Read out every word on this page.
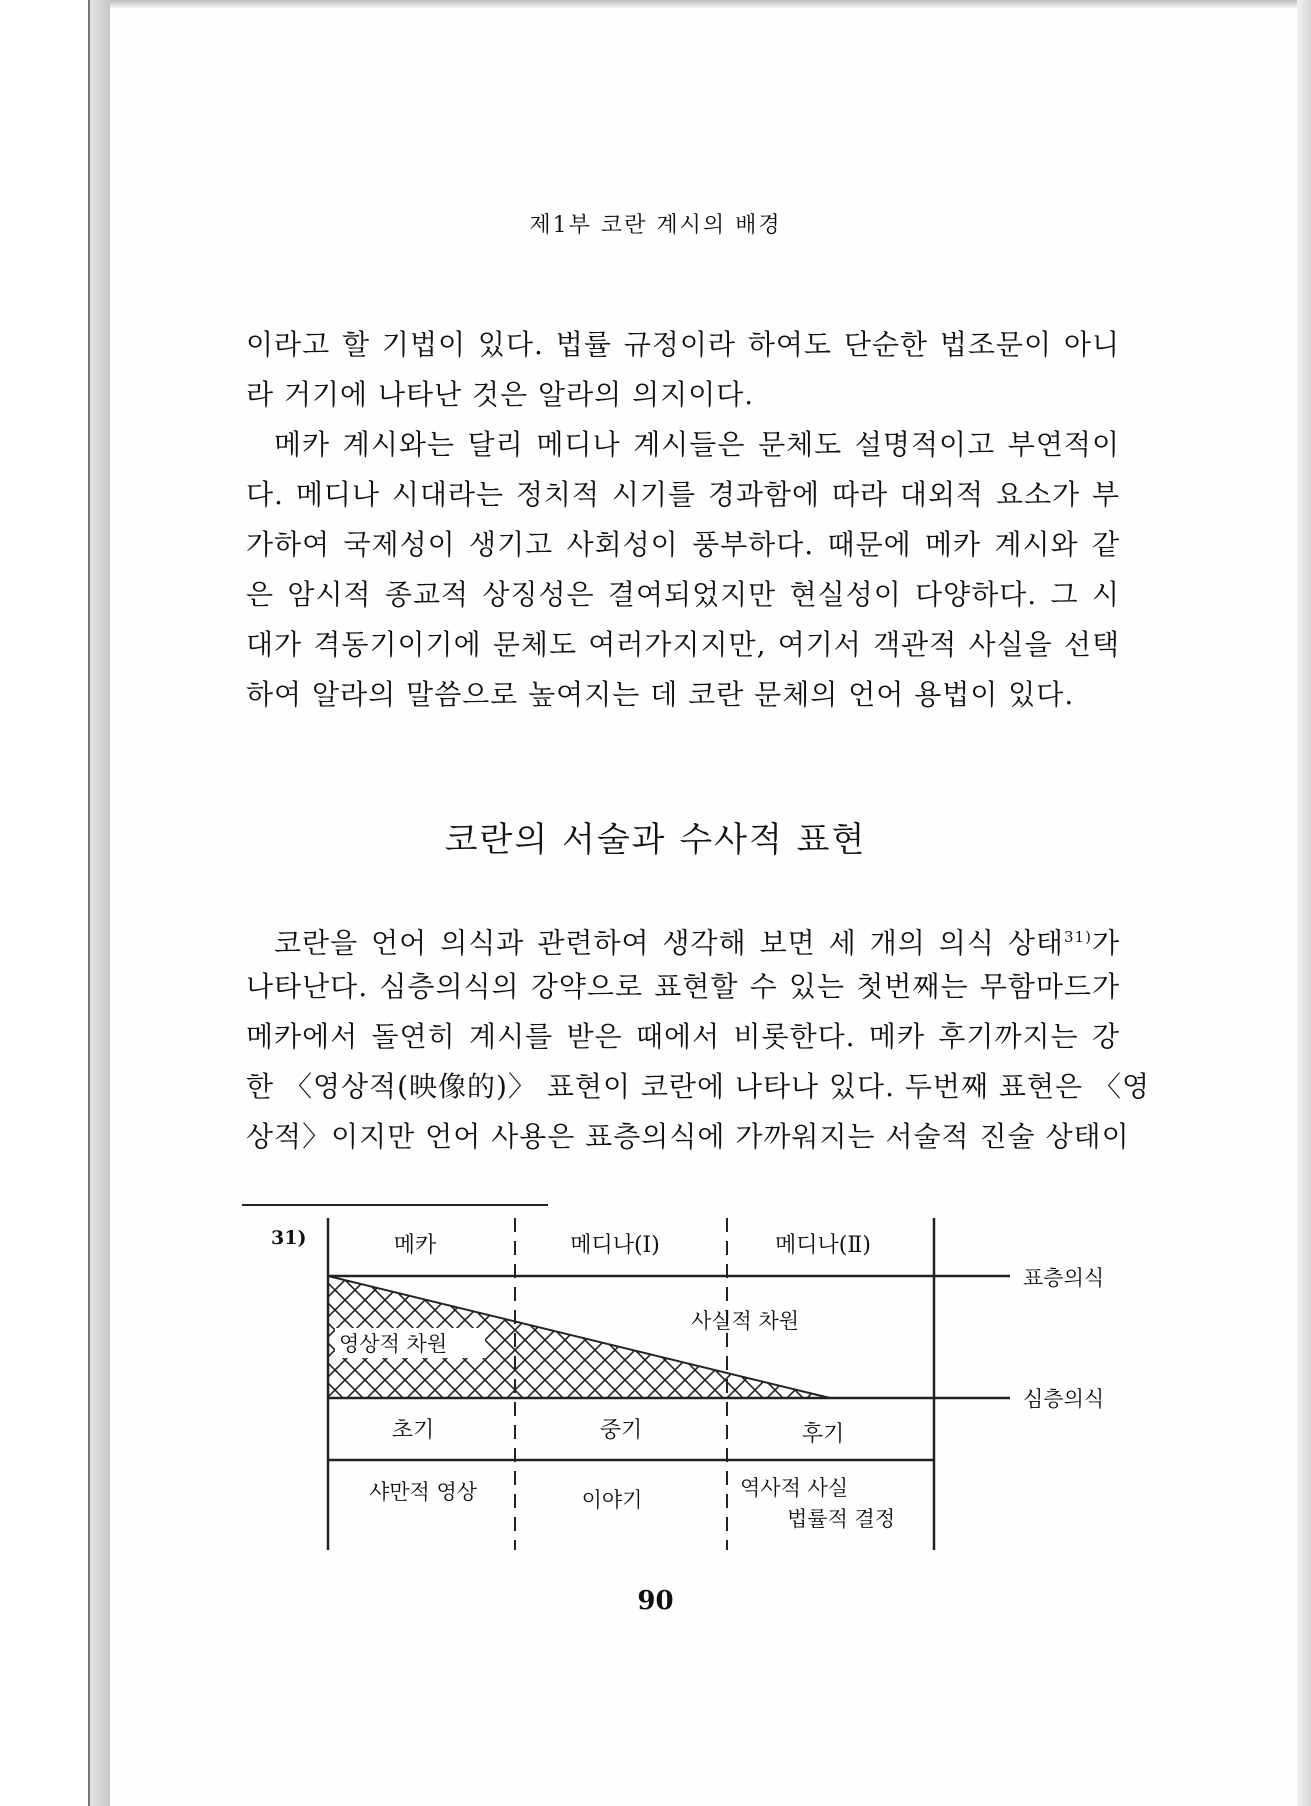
제1부 코란 계시의 배경
이라고 할 기법이 있다. 법률 규정이라 하여도 단순한 법조문이 아니
라 거기에 나타난 것은 알라의 의지이다.
메카 계시와는 달리 메디나 계시들은 문체도 설명적이고 부연적이
다. 메디나 시대라는 정치적 시기를 경과함에 따라 대외적 요소가 부
가하여 국제성이 생기고 사회성이 풍부하다. 때문에 메카 계시와 같
은 암시적 종교적 상징성은 결여되었지만 현실성이 다양하다. 그 시
대가 격동기이기에 문체도 여러가지지만, 여기서 객관적 사실을 선택
하여 알라의 말씀으로 높여지는 데 코란 문체의 언어 용법이 있다.
코란의 서술과 수사적 표현
코란을 언어 의식과 관련하여 생각해 보면 세 개의 의식 상태$^{31)}$가
나타난다. 심층의식의 강약으로 표현할 수 있는 첫번째는 무함마드가
메카에서 돌연히 계시를 받은 때에서 비롯한다. 메카 후기까지는 강
한 〈영상적(映像的)〉 표현이 코란에 나타나 있다. 두번째 표현은 〈영
상적〉이지만 언어 사용은 표층의식에 가까워지는 서술적 진술 상태이
31)	메카	메디나(Ⅰ)	메디나(Ⅱ)
표층의식
심층의식
영상적 차원
사실적 차원
초기	중기	후기
샤만적 영상	이야기	역사적 사실
법률적 결정
90
